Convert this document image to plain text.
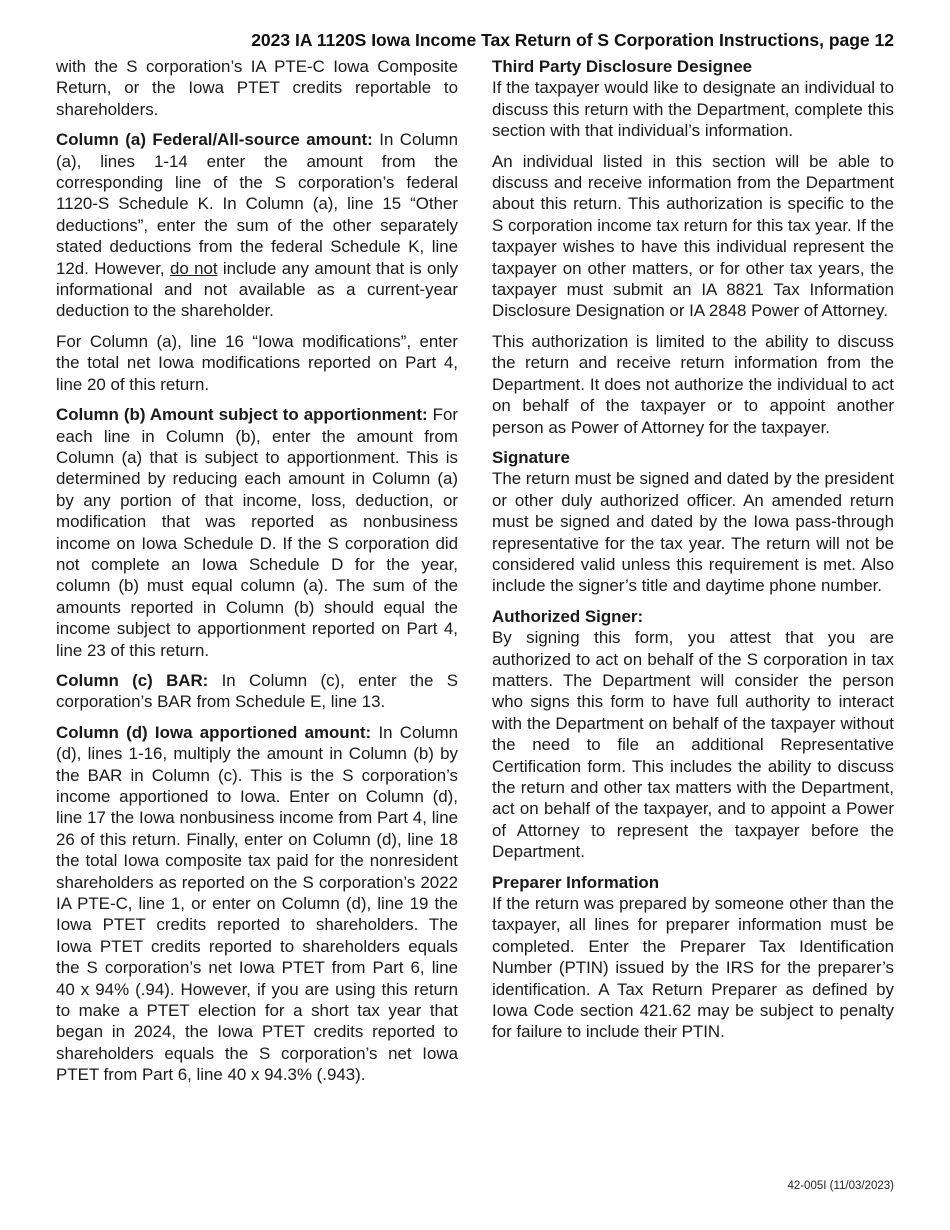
2023 IA 1120S Iowa Income Tax Return of S Corporation Instructions, page 12

with the S corporation’s IA PTE-C Iowa Composite Return, or the Iowa PTET credits reportable to shareholders.

Column (a) Federal/All-source amount: In Column (a), lines 1-14 enter the amount from the corresponding line of the S corporation’s federal 1120-S Schedule K. In Column (a), line 15 “Other deductions”, enter the sum of the other separately stated deductions from the federal Schedule K, line 12d. However, do not include any amount that is only informational and not available as a current-year deduction to the shareholder.

For Column (a), line 16 “Iowa modifications”, enter the total net Iowa modifications reported on Part 4, line 20 of this return.

Column (b) Amount subject to apportionment: For each line in Column (b), enter the amount from Column (a) that is subject to apportionment. This is determined by reducing each amount in Column (a) by any portion of that income, loss, deduction, or modification that was reported as nonbusiness income on Iowa Schedule D. If the S corporation did not complete an Iowa Schedule D for the year, column (b) must equal column (a). The sum of the amounts reported in Column (b) should equal the income subject to apportionment reported on Part 4, line 23 of this return.

Column (c) BAR: In Column (c), enter the S corporation’s BAR from Schedule E, line 13.

Column (d) Iowa apportioned amount: In Column (d), lines 1-16, multiply the amount in Column (b) by the BAR in Column (c). This is the S corporation’s income apportioned to Iowa. Enter on Column (d), line 17 the Iowa nonbusiness income from Part 4, line 26 of this return. Finally, enter on Column (d), line 18 the total Iowa composite tax paid for the nonresident shareholders as reported on the S corporation’s 2022 IA PTE-C, line 1, or enter on Column (d), line 19 the Iowa PTET credits reported to shareholders. The Iowa PTET credits reported to shareholders equals the S corporation’s net Iowa PTET from Part 6, line 40 x 94% (.94). However, if you are using this return to make a PTET election for a short tax year that began in 2024, the Iowa PTET credits reported to shareholders equals the S corporation’s net Iowa PTET from Part 6, line 40 x 94.3% (.943).

Third Party Disclosure Designee

If the taxpayer would like to designate an individual to discuss this return with the Department, complete this section with that individual’s information.

An individual listed in this section will be able to discuss and receive information from the Department about this return. This authorization is specific to the S corporation income tax return for this tax year. If the taxpayer wishes to have this individual represent the taxpayer on other matters, or for other tax years, the taxpayer must submit an IA 8821 Tax Information Disclosure Designation or IA 2848 Power of Attorney.

This authorization is limited to the ability to discuss the return and receive return information from the Department. It does not authorize the individual to act on behalf of the taxpayer or to appoint another person as Power of Attorney for the taxpayer.

Signature

The return must be signed and dated by the president or other duly authorized officer. An amended return must be signed and dated by the Iowa pass-through representative for the tax year. The return will not be considered valid unless this requirement is met. Also include the signer’s title and daytime phone number.

Authorized Signer:

By signing this form, you attest that you are authorized to act on behalf of the S corporation in tax matters. The Department will consider the person who signs this form to have full authority to interact with the Department on behalf of the taxpayer without the need to file an additional Representative Certification form. This includes the ability to discuss the return and other tax matters with the Department, act on behalf of the taxpayer, and to appoint a Power of Attorney to represent the taxpayer before the Department.

Preparer Information

If the return was prepared by someone other than the taxpayer, all lines for preparer information must be completed. Enter the Preparer Tax Identification Number (PTIN) issued by the IRS for the preparer’s identification. A Tax Return Preparer as defined by Iowa Code section 421.62 may be subject to penalty for failure to include their PTIN.

42-005I (11/03/2023)
